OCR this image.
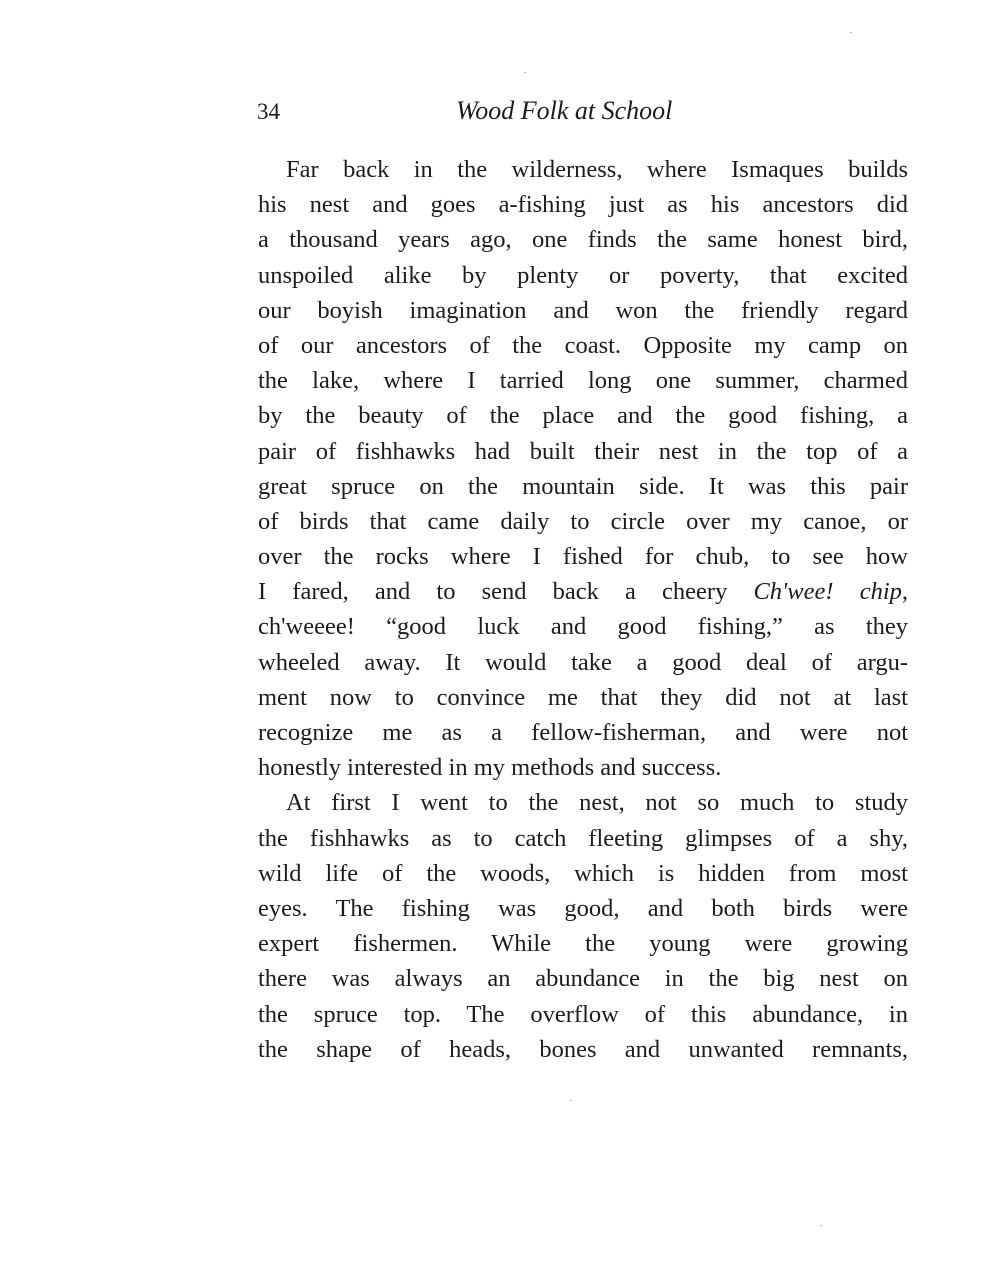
34	Wood Folk at School
Far back in the wilderness, where Ismaques builds
his nest and goes a-fishing just as his ancestors did
a thousand years ago, one finds the same honest bird,
unspoiled alike by plenty or poverty, that excited
our boyish imagination and won the friendly regard
of our ancestors of the coast. Opposite my camp on
the lake, where I tarried long one summer, charmed
by the beauty of the place and the good fishing, a
pair of fishhawks had built their nest in the top of a
great spruce on the mountain side. It was this pair
of birds that came daily to circle over my canoe, or
over the rocks where I fished for chub, to see how
I fared, and to send back a cheery Ch'wee! chip,
ch'weeee! “good luck and good fishing,” as they
wheeled away. It would take a good deal of argu-
ment now to convince me that they did not at last
recognize me as a fellow-fisherman, and were not
honestly interested in my methods and success.
At first I went to the nest, not so much to study
the fishhawks as to catch fleeting glimpses of a shy,
wild life of the woods, which is hidden from most
eyes. The fishing was good, and both birds were
expert fishermen. While the young were growing
there was always an abundance in the big nest on
the spruce top. The overflow of this abundance, in
the shape of heads, bones and unwanted remnants,
